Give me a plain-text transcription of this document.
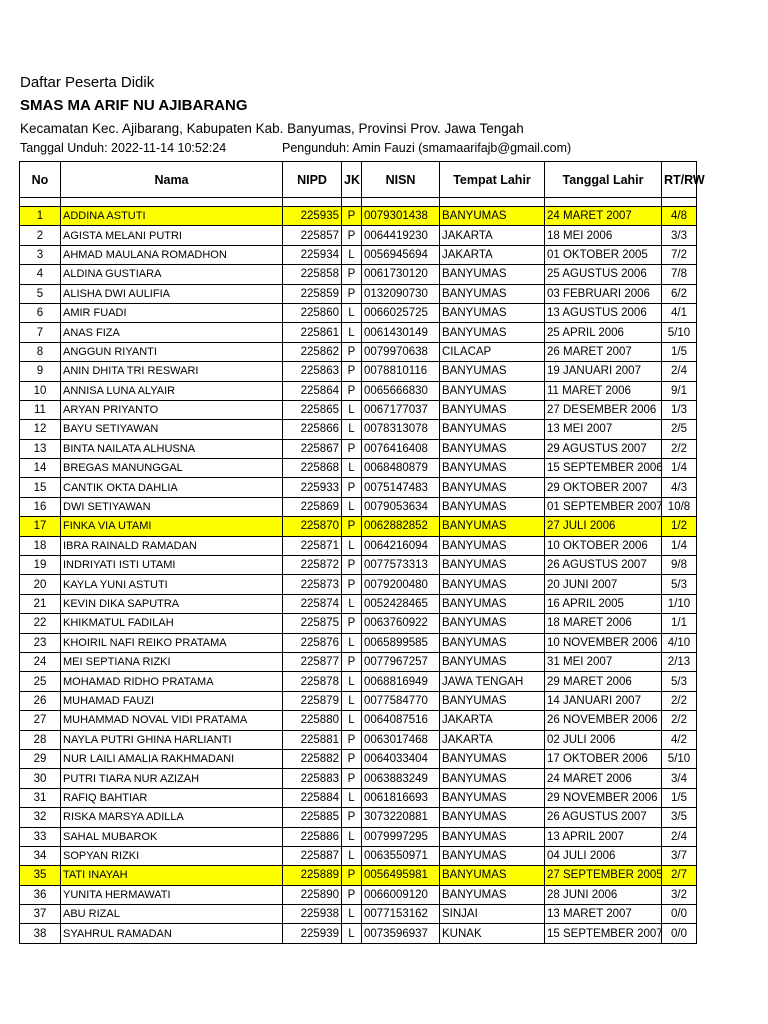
Daftar Peserta Didik
SMAS MA ARIF NU AJIBARANG
Kecamatan Kec. Ajibarang, Kabupaten Kab. Banyumas, Provinsi Prov. Jawa Tengah
Tanggal Unduh: 2022-11-14 10:52:24	Pengunduh: Amin Fauzi (smamaarifajb@gmail.com)
No	Nama	NIPD	JK	NISN	Tempat Lahir	Tanggal Lahir	RT/RW

1	ADDINA ASTUTI	225935	P	0079301438	BANYUMAS	24 MARET 2007	4/8
2	AGISTA MELANI PUTRI	225857	P	0064419230	JAKARTA	18 MEI 2006	3/3
3	AHMAD MAULANA ROMADHON	225934	L	0056945694	JAKARTA	01 OKTOBER 2005	7/2
4	ALDINA GUSTIARA	225858	P	0061730120	BANYUMAS	25 AGUSTUS 2006	7/8
5	ALISHA DWI AULIFIA	225859	P	0132090730	BANYUMAS	03 FEBRUARI 2006	6/2
6	AMIR FUADI	225860	L	0066025725	BANYUMAS	13 AGUSTUS 2006	4/1
7	ANAS FIZA	225861	L	0061430149	BANYUMAS	25 APRIL 2006	5/10
8	ANGGUN RIYANTI	225862	P	0079970638	CILACAP	26 MARET 2007	1/5
9	ANIN DHITA TRI RESWARI	225863	P	0078810116	BANYUMAS	19 JANUARI 2007	2/4
10	ANNISA LUNA ALYAIR	225864	P	0065666830	BANYUMAS	11 MARET 2006	9/1
11	ARYAN PRIYANTO	225865	L	0067177037	BANYUMAS	27 DESEMBER 2006	1/3
12	BAYU SETIYAWAN	225866	L	0078313078	BANYUMAS	13 MEI 2007	2/5
13	BINTA NAILATA ALHUSNA	225867	P	0076416408	BANYUMAS	29 AGUSTUS 2007	2/2
14	BREGAS MANUNGGAL	225868	L	0068480879	BANYUMAS	15 SEPTEMBER 2006	1/4
15	CANTIK OKTA DAHLIA	225933	P	0075147483	BANYUMAS	29 OKTOBER 2007	4/3
16	DWI SETIYAWAN	225869	L	0079053634	BANYUMAS	01 SEPTEMBER 2007	10/8
17	FINKA VIA UTAMI	225870	P	0062882852	BANYUMAS	27 JULI 2006	1/2
18	IBRA RAINALD RAMADAN	225871	L	0064216094	BANYUMAS	10 OKTOBER 2006	1/4
19	INDRIYATI ISTI UTAMI	225872	P	0077573313	BANYUMAS	26 AGUSTUS 2007	9/8
20	KAYLA YUNI ASTUTI	225873	P	0079200480	BANYUMAS	20 JUNI 2007	5/3
21	KEVIN DIKA SAPUTRA	225874	L	0052428465	BANYUMAS	16 APRIL 2005	1/10
22	KHIKMATUL FADILAH	225875	P	0063760922	BANYUMAS	18 MARET 2006	1/1
23	KHOIRIL NAFI REIKO PRATAMA	225876	L	0065899585	BANYUMAS	10 NOVEMBER 2006	4/10
24	MEI SEPTIANA RIZKI	225877	P	0077967257	BANYUMAS	31 MEI 2007	2/13
25	MOHAMAD RIDHO PRATAMA	225878	L	0068816949	JAWA TENGAH	29 MARET 2006	5/3
26	MUHAMAD FAUZI	225879	L	0077584770	BANYUMAS	14 JANUARI 2007	2/2
27	MUHAMMAD NOVAL VIDI PRATAMA	225880	L	0064087516	JAKARTA	26 NOVEMBER 2006	2/2
28	NAYLA PUTRI GHINA HARLIANTI	225881	P	0063017468	JAKARTA	02 JULI 2006	4/2
29	NUR LAILI AMALIA RAKHMADANI	225882	P	0064033404	BANYUMAS	17 OKTOBER 2006	5/10
30	PUTRI TIARA NUR AZIZAH	225883	P	0063883249	BANYUMAS	24 MARET 2006	3/4
31	RAFIQ BAHTIAR	225884	L	0061816693	BANYUMAS	29 NOVEMBER 2006	1/5
32	RISKA MARSYA ADILLA	225885	P	3073220881	BANYUMAS	26 AGUSTUS 2007	3/5
33	SAHAL MUBAROK	225886	L	0079997295	BANYUMAS	13 APRIL 2007	2/4
34	SOPYAN RIZKI	225887	L	0063550971	BANYUMAS	04 JULI 2006	3/7
35	TATI INAYAH	225889	P	0056495981	BANYUMAS	27 SEPTEMBER 2005	2/7
36	YUNITA HERMAWATI	225890	P	0066009120	BANYUMAS	28 JUNI 2006	3/2
37	ABU RIZAL	225938	L	0077153162	SINJAI	13 MARET 2007	0/0
38	SYAHRUL RAMADAN	225939	L	0073596937	KUNAK	15 SEPTEMBER 2007	0/0
